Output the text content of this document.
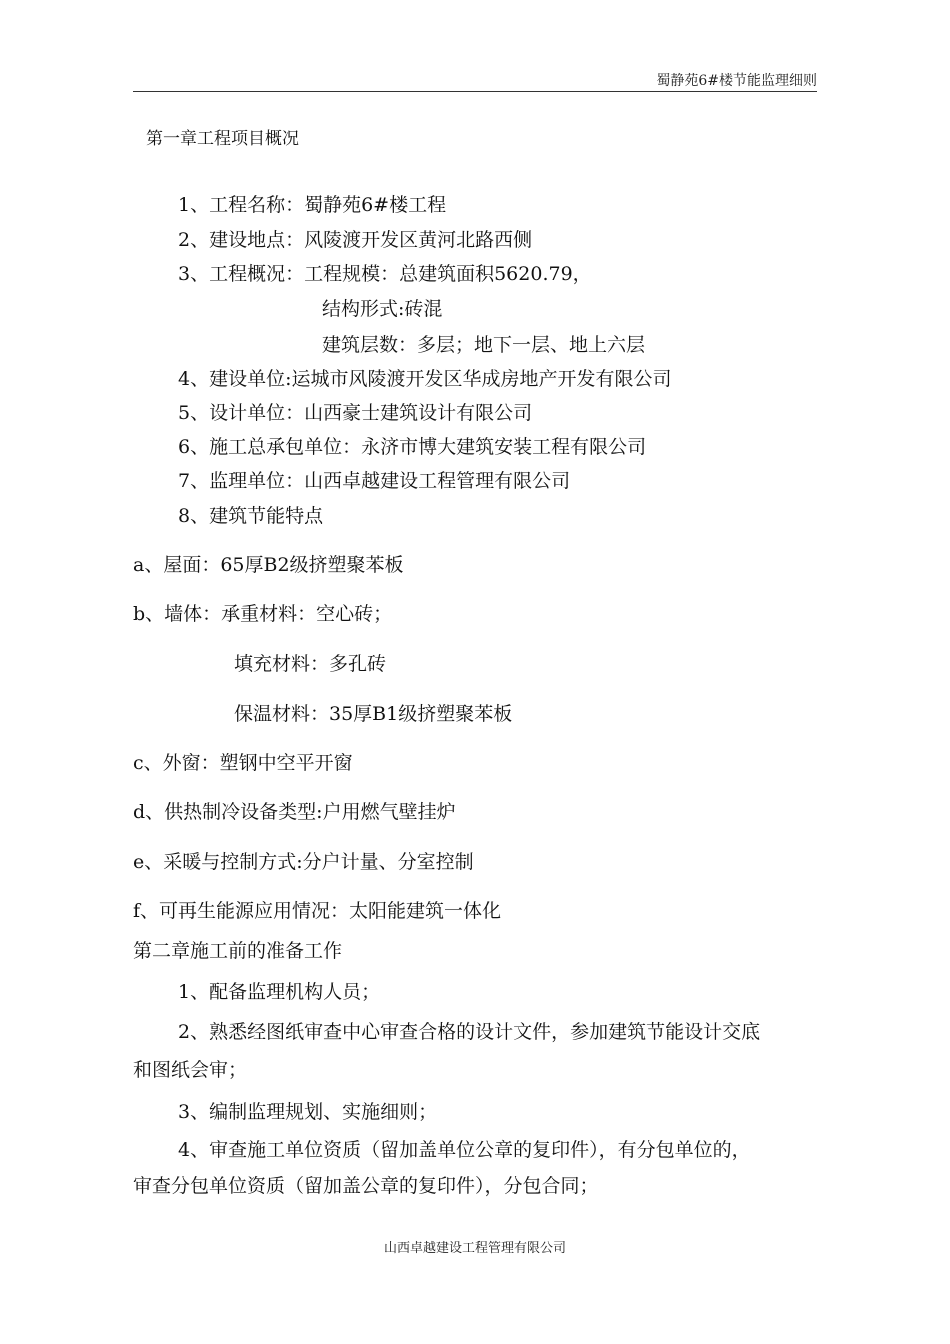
蜀静苑6#楼节能监理细则
第一章工程项目概况
1、工程名称：蜀静苑6#楼工程
2、建设地点：风陵渡开发区黄河北路西侧
3、工程概况：工程规模：总建筑面积5620.79，
结构形式:砖混
建筑层数：多层；地下一层、地上六层
4、建设单位:运城市风陵渡开发区华成房地产开发有限公司
5、设计单位：山西豪士建筑设计有限公司
6、施工总承包单位：永济市博大建筑安装工程有限公司
7、监理单位：山西卓越建设工程管理有限公司
8、建筑节能特点
a、屋面：65厚B2级挤塑聚苯板
b、墙体：承重材料：空心砖；
填充材料：多孔砖
保温材料：35厚B1级挤塑聚苯板
c、外窗：塑钢中空平开窗
d、供热制冷设备类型:户用燃气壁挂炉
e、采暖与控制方式:分户计量、分室控制
f、可再生能源应用情况：太阳能建筑一体化
第二章施工前的准备工作
1、配备监理机构人员；
2、熟悉经图纸审查中心审查合格的设计文件，参加建筑节能设计交底
和图纸会审；
3、编制监理规划、实施细则；
4、审查施工单位资质（留加盖单位公章的复印件），有分包单位的，
审查分包单位资质（留加盖公章的复印件），分包合同；
山西卓越建设工程管理有限公司
